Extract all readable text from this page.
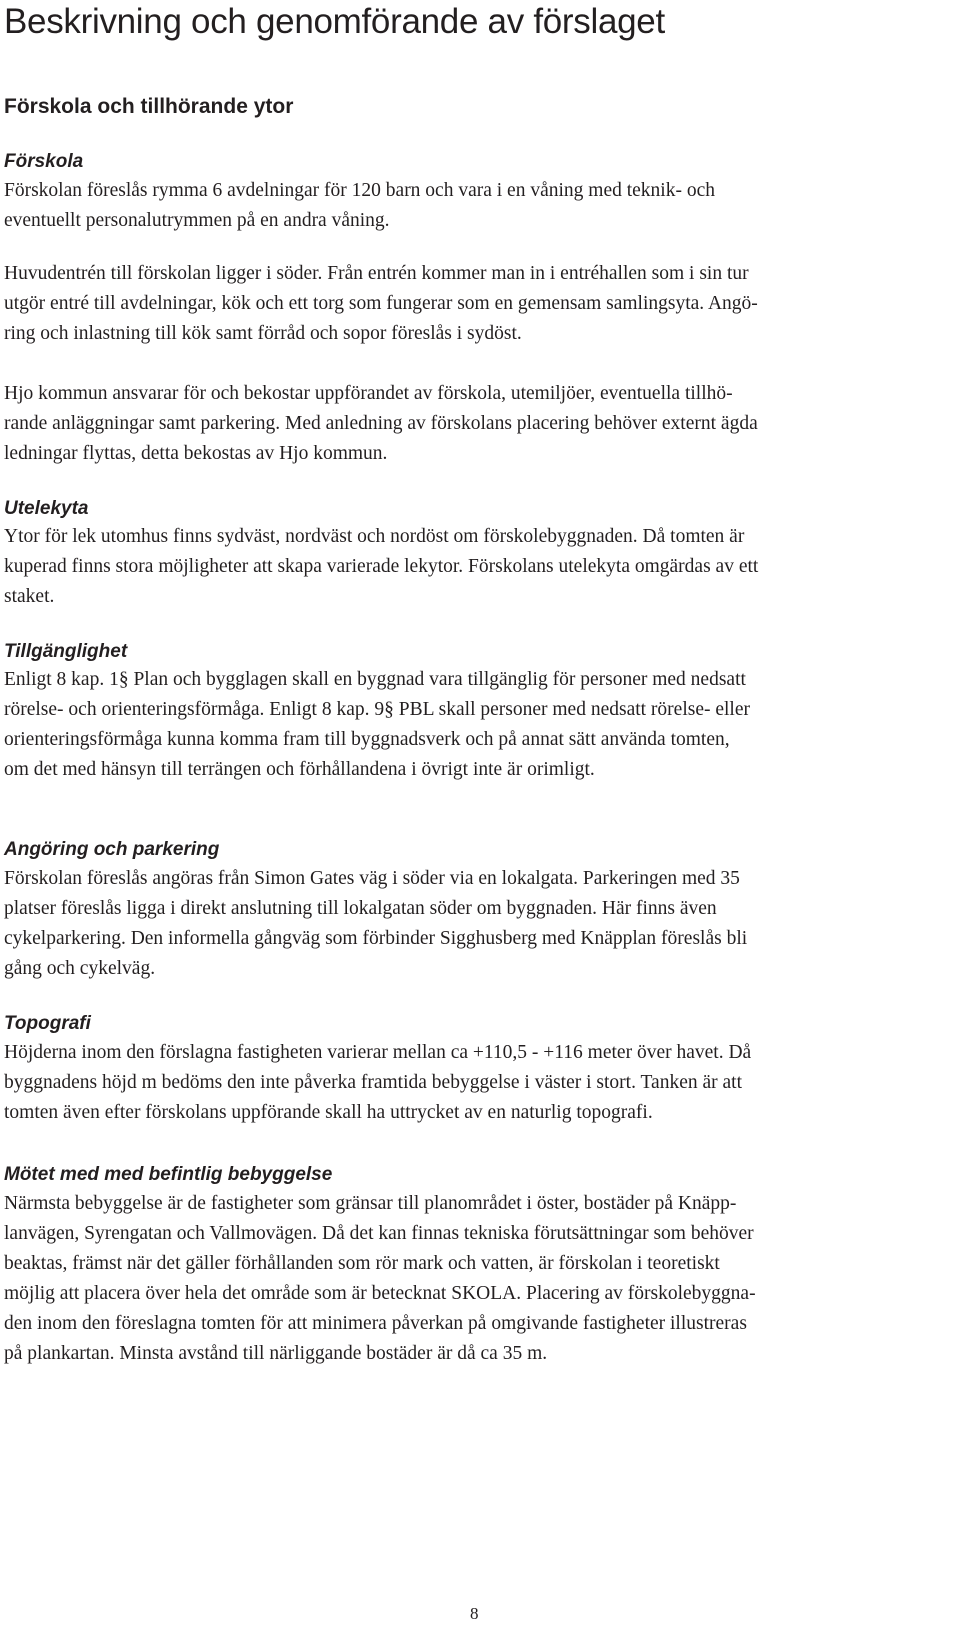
Beskrivning och genomförande av förslaget
Förskola och tillhörande ytor
Förskola
Förskolan föreslås rymma 6 avdelningar för 120 barn och vara i en våning med teknik- och
eventuellt personalutrymmen på en andra våning.
Huvudentrén till förskolan ligger i söder. Från entrén kommer man in i entréhallen som i sin tur
utgör entré till avdelningar, kök och ett torg som fungerar som en gemensam samlingsyta. Angö-
ring och inlastning till kök samt förråd och sopor föreslås i sydöst.
Hjo kommun ansvarar för och bekostar uppförandet av förskola, utemiljöer, eventuella tillhö-
rande anläggningar samt parkering. Med anledning av förskolans placering behöver externt ägda
ledningar flyttas, detta bekostas av Hjo kommun.
Utelekyta
Ytor för lek utomhus finns sydväst, nordväst och nordöst om förskolebyggnaden. Då tomten är
kuperad finns stora möjligheter att skapa varierade lekytor. Förskolans utelekyta omgärdas av ett
staket.
Tillgänglighet
Enligt 8 kap. 1§ Plan och bygglagen skall en byggnad vara tillgänglig för personer med nedsatt
rörelse- och orienteringsförmåga. Enligt 8 kap. 9§ PBL skall personer med nedsatt rörelse- eller
orienteringsförmåga kunna komma fram till byggnadsverk och på annat sätt använda tomten,
om det med hänsyn till terrängen och förhållandena i övrigt inte är orimligt.
Angöring och parkering
Förskolan föreslås angöras från Simon Gates väg i söder via en lokalgata. Parkeringen med 35
platser föreslås ligga i direkt anslutning till lokalgatan söder om byggnaden. Här finns även
cykelparkering. Den informella gångväg som förbinder Sigghusberg med Knäpplan föreslås bli
gång och cykelväg.
Topografi
Höjderna inom den förslagna fastigheten varierar mellan ca +110,5 - +116 meter över havet. Då
byggnadens höjd m bedöms den inte påverka framtida bebyggelse i väster i stort. Tanken är att
tomten även efter förskolans uppförande skall ha uttrycket av en naturlig topografi.
Mötet med med befintlig bebyggelse
Närmsta bebyggelse är de fastigheter som gränsar till planområdet i öster, bostäder på Knäpp-
lanvägen, Syrengatan och Vallmovägen. Då det kan finnas tekniska förutsättningar som behöver
beaktas, främst när det gäller förhållanden som rör mark och vatten, är förskolan i teoretiskt
möjlig att placera över hela det område som är betecknat SKOLA. Placering av förskolebyggna-
den inom den föreslagna tomten för att minimera påverkan på omgivande fastigheter illustreras
på plankartan. Minsta avstånd till närliggande bostäder är då ca 35 m.
8
